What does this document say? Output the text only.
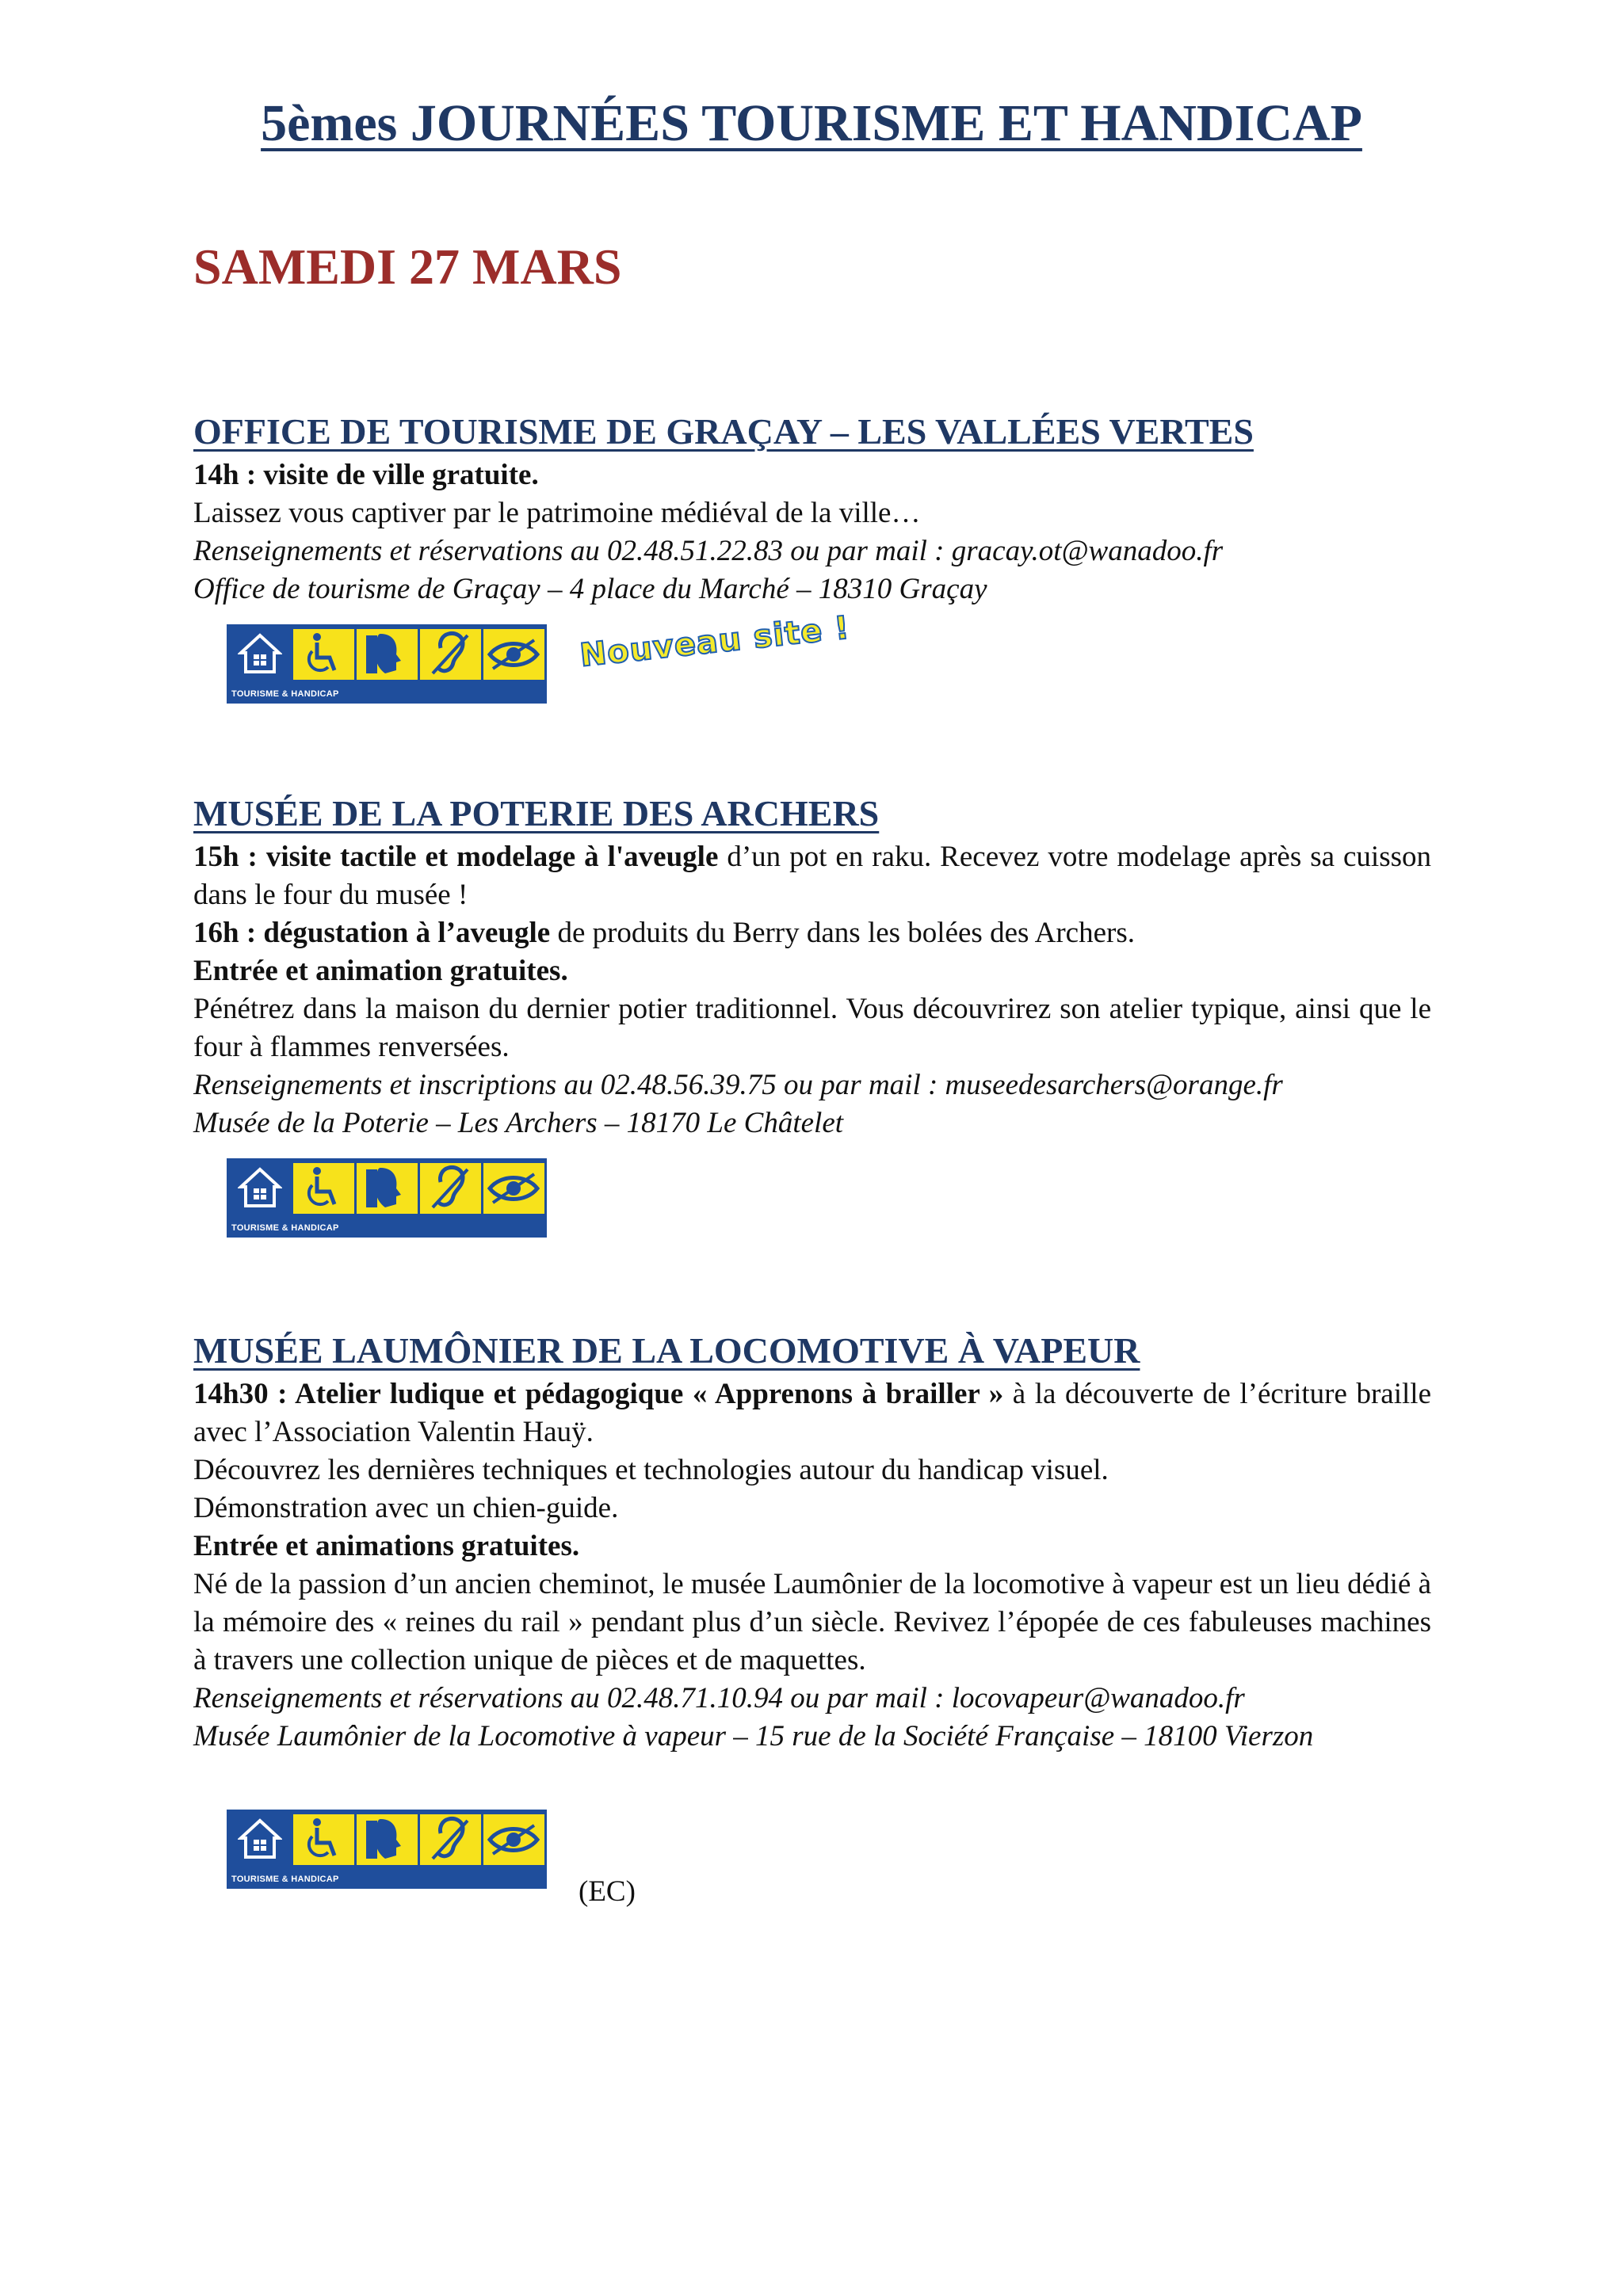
5èmes JOURNÉES TOURISME ET HANDICAP
SAMEDI 27 MARS
OFFICE DE TOURISME DE GRAÇAY – LES VALLÉES VERTES

14h : visite de ville gratuite.

Laissez vous captiver par le patrimoine médiéval de la ville…

Renseignements et réservations au 02.48.51.22.83 ou par mail : gracay.ot@wanadoo.fr

Office de tourisme de Graçay – 4 place du Marché – 18310 Graçay

MUSÉE DE LA POTERIE DES ARCHERS

15h : visite tactile et modelage à l'aveugle d’un pot en raku. Recevez votre modelage après sa cuisson dans le four du musée !

16h : dégustation à l’aveugle de produits du Berry dans les bolées des Archers.

Entrée et animation gratuites.

Pénétrez dans la maison du dernier potier traditionnel. Vous découvrirez son atelier typique, ainsi que le four à flammes renversées.

Renseignements et inscriptions au 02.48.56.39.75 ou par mail : museedesarchers@orange.fr

Musée de la Poterie – Les Archers – 18170 Le Châtelet

MUSÉE LAUMÔNIER DE LA LOCOMOTIVE À VAPEUR

14h30 : Atelier ludique et pédagogique « Apprenons à brailler » à la découverte de l’écriture braille avec l’Association Valentin Hauÿ.

Découvrez les dernières techniques et technologies autour du handicap visuel.

Démonstration avec un chien-guide.

Entrée et animations gratuites.

Né de la passion d’un ancien cheminot, le musée Laumônier de la locomotive à vapeur est un lieu dédié à la mémoire des « reines du rail » pendant plus d’un siècle. Revivez l’épopée de ces fabuleuses machines à travers une collection unique de pièces et de maquettes.

Renseignements et réservations au 02.48.71.10.94 ou par mail : locovapeur@wanadoo.fr

Musée Laumônier de la Locomotive à vapeur – 15 rue de la Société Française – 18100 Vierzon

TOURISME & HANDICAP
TOURISME & HANDICAP
TOURISME & HANDICAP
Nouveau site !
(EC)
